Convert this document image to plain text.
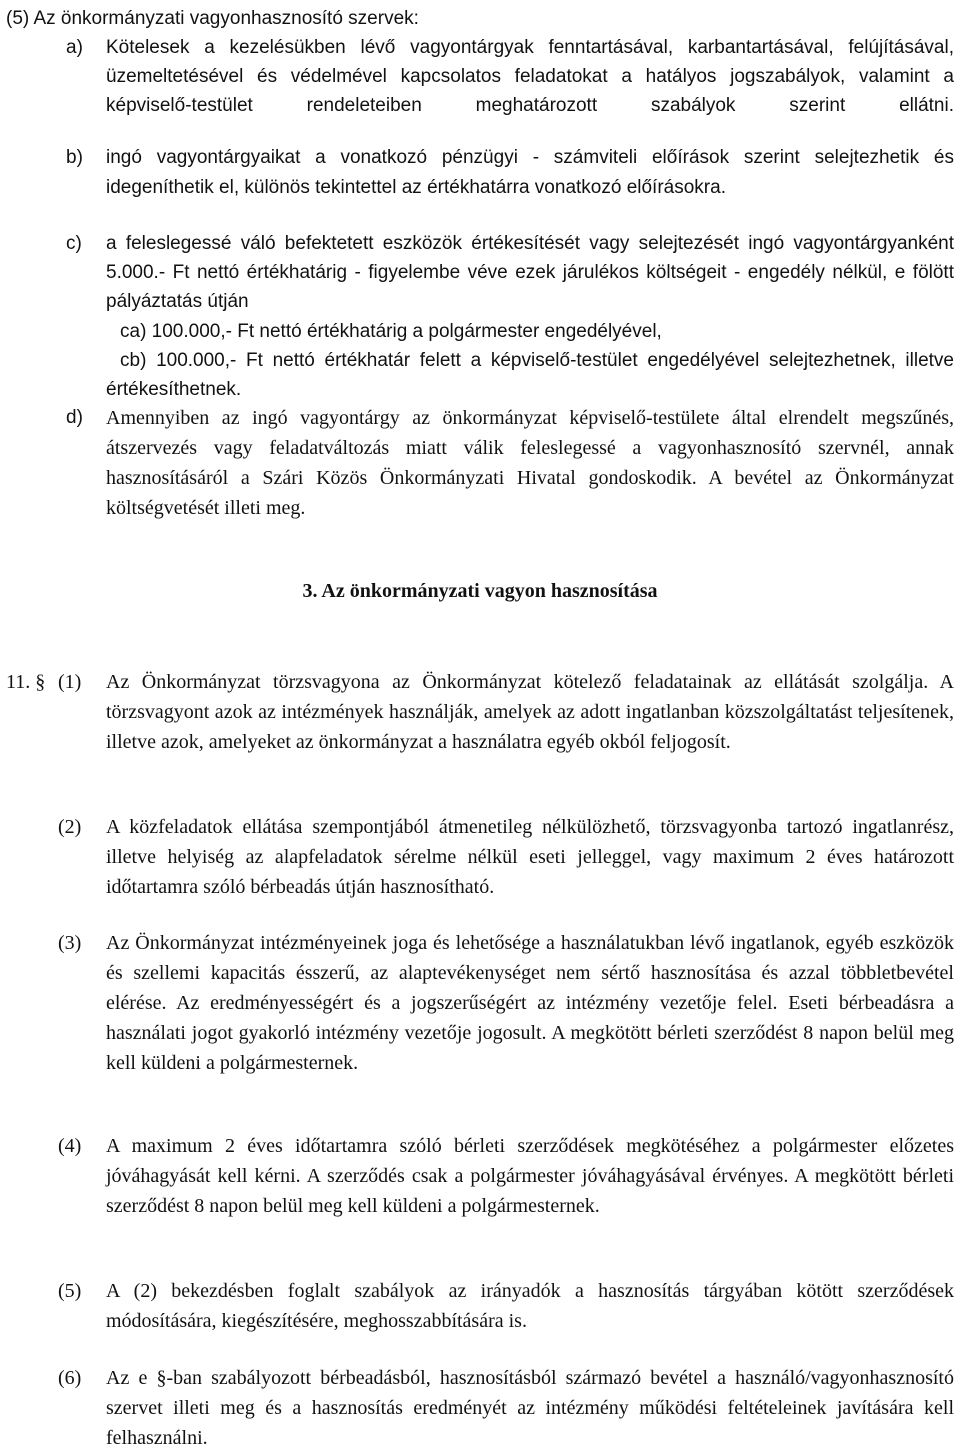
(5) Az önkormányzati vagyonhasznosító szervek:

a) Kötelesek a kezelésükben lévő vagyontárgyak fenntartásával, karbantartásával, felújításával, üzemeltetésével és védelmével kapcsolatos feladatokat a hatályos jogszabályok, valamint a képviselő-testület rendeleteiben meghatározott szabályok szerint ellátni.

b) ingó vagyontárgyaikat a vonatkozó pénzügyi - számviteli előírások szerint selejtezhetik és idegeníthetik el, különös tekintettel az értékhatárra vonatkozó előírásokra.

c) a feleslegessé váló befektetett eszközök értékesítését vagy selejtezését ingó vagyontárgyanként 5.000.- Ft nettó értékhatárig - figyelembe véve ezek járulékos költségeit - engedély nélkül, e fölött pályáztatás útján

ca) 100.000,- Ft nettó értékhatárig a polgármester engedélyével,

cb) 100.000,- Ft nettó értékhatár felett a képviselő-testület engedélyével selejtezhetnek, illetve értékesíthetnek.

d) Amennyiben az ingó vagyontárgy az önkormányzat képviselő-testülete által elrendelt megszűnés, átszervezés vagy feladatváltozás miatt válik feleslegessé a vagyonhasznosító szervnél, annak hasznosításáról a Szári Közös Önkormányzati Hivatal gondoskodik. A bevétel az Önkormányzat költségvetését illeti meg.

3. Az önkormányzati vagyon hasznosítása

11. § (1) Az Önkormányzat törzsvagyona az Önkormányzat kötelező feladatainak az ellátását szolgálja. A törzsvagyont azok az intézmények használják, amelyek az adott ingatlanban közszolgáltatást teljesítenek, illetve azok, amelyeket az önkormányzat a használatra egyéb okból feljogosít.

(2) A közfeladatok ellátása szempontjából átmenetileg nélkülözhető, törzsvagyonba tartozó ingatlanrész, illetve helyiség az alapfeladatok sérelme nélkül eseti jelleggel, vagy maximum 2 éves határozott időtartamra szóló bérbeadás útján hasznosítható.

(3) Az Önkormányzat intézményeinek joga és lehetősége a használatukban lévő ingatlanok, egyéb eszközök és szellemi kapacitás ésszerű, az alaptevékenységet nem sértő hasznosítása és azzal többletbevétel elérése. Az eredményességért és a jogszerűségért az intézmény vezetője felel. Eseti bérbeadásra a használati jogot gyakorló intézmény vezetője jogosult. A megkötött bérleti szerződést 8 napon belül meg kell küldeni a polgármesternek.

(4) A maximum 2 éves időtartamra szóló bérleti szerződések megkötéséhez a polgármester előzetes jóváhagyását kell kérni. A szerződés csak a polgármester jóváhagyásával érvényes. A megkötött bérleti szerződést 8 napon belül meg kell küldeni a polgármesternek.

(5) A (2) bekezdésben foglalt szabályok az irányadók a hasznosítás tárgyában kötött szerződések módosítására, kiegészítésére, meghosszabbítására is.

(6) Az e §-ban szabályozott bérbeadásból, hasznosításból származó bevétel a használó/vagyonhasznosító szervet illeti meg és a hasznosítás eredményét az intézmény működési feltételeinek javítására kell felhasználni.
